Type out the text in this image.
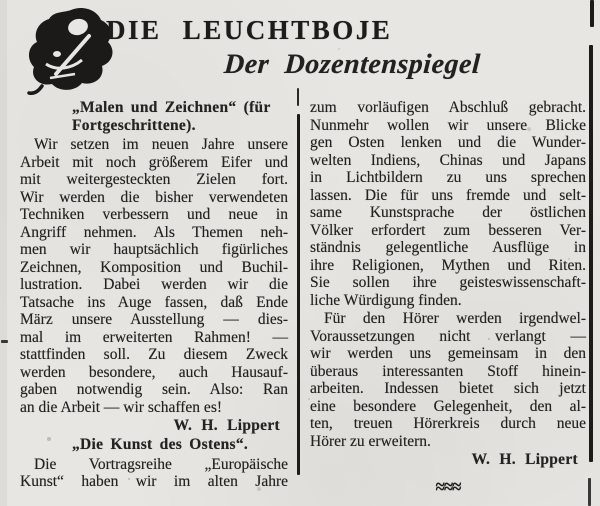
DIE LEUCHTBOJE
Der Dozentenspiegel
„Malen und Zeichnen“ (für
Fortgeschrittene).
Wir setzen im neuen Jahre unsere
Arbeit mit noch größerem Eifer und
mit weitergesteckten Zielen fort.
Wir werden die bisher verwendeten
Techniken verbessern und neue in
Angriff nehmen. Als Themen neh-
men wir hauptsächlich figürliches
Zeichnen, Komposition und Buchil-
lustration. Dabei werden wir die
Tatsache ins Auge fassen, daß Ende
März unsere Ausstellung — dies-
mal im erweiterten Rahmen! —
stattfinden soll. Zu diesem Zweck
werden besondere, auch Hausauf-
gaben notwendig sein. Also: Ran
an die Arbeit — wir schaffen es!
W. H. Lippert
„Die Kunst des Ostens“.
Die Vortragsreihe „Europäische
Kunst“ haben wir im alten Jahre
zum vorläufigen Abschluß gebracht.
Nunmehr wollen wir unsere Blicke
gen Osten lenken und die Wunder-
welten Indiens, Chinas und Japans
in Lichtbildern zu uns sprechen
lassen. Die für uns fremde und selt-
same Kunstsprache der östlichen
Völker erfordert zum besseren Ver-
ständnis gelegentliche Ausflüge in
ihre Religionen, Mythen und Riten.
Sie sollen ihre geisteswissenschaft-
liche Würdigung finden.
Für den Hörer werden irgendwel-
Voraussetzungen nicht verlangt —
wir werden uns gemeinsam in den
überaus interessanten Stoff hinein-
arbeiten. Indessen bietet sich jetzt
eine besondere Gelegenheit, den al-
ten, treuen Hörerkreis durch neue
Hörer zu erweitern.
W. H. Lippert
≈≈≈
